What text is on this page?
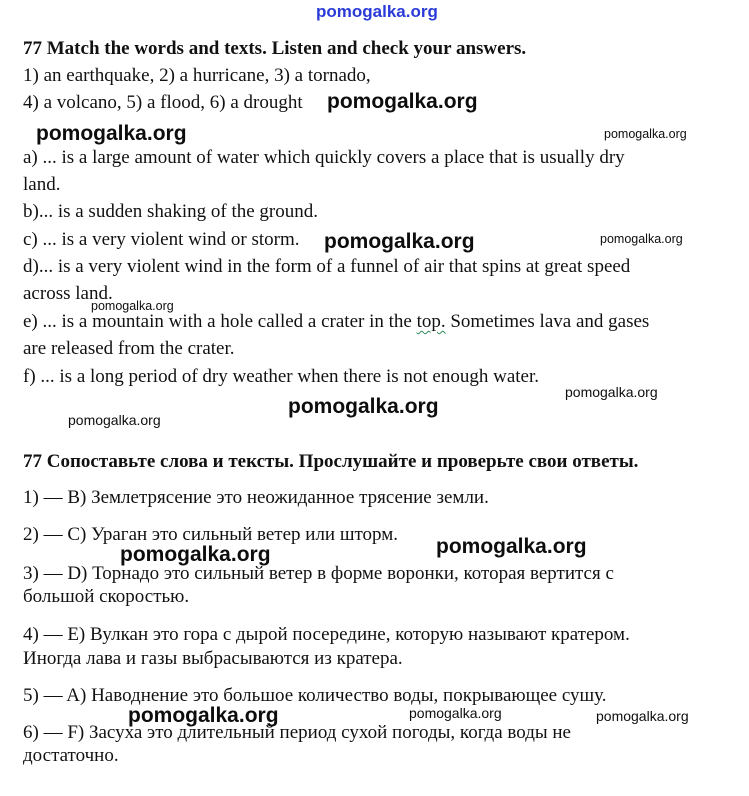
pomogalka.org
77 Match the words and texts. Listen and check your answers.
1) an earthquake, 2) a hurricane, 3) a tornado,
4) a volcano, 5) a flood, 6) a drought
a) ... is a large amount of water which quickly covers a place that is usually dry
land.
b)... is a sudden shaking of the ground.
c) ... is a very violent wind or storm.
d)... is a very violent wind in the form of a funnel of air that spins at great speed
across land.
e) ... is a mountain with a hole called a crater in the top. Sometimes lava and gases
are released from the crater.
f) ... is a long period of dry weather when there is not enough water.
77 Сопоставьте слова и тексты. Прослушайте и проверьте свои ответы.
1) — B) Землетрясение это неожиданное трясение земли.
2) — C) Ураган это сильный ветер или шторм.
3) — D) Торнадо это сильный ветер в форме воронки, которая вертится с
большой скоростью.
4) — E) Вулкан это гора с дырой посередине, которую называют кратером.
Иногда лава и газы выбрасываются из кратера.
5) — A) Наводнение это большое количество воды, покрывающее сушу.
6) — F) Засуха это длительный период сухой погоды, когда воды не
достаточно.
pomogalka.org
pomogalka.org	pomogalka.org
pomogalka.org	pomogalka.org
pomogalka.org
pomogalka.org
pomogalka.org
pomogalka.org
pomogalka.org
pomogalka.org
pomogalka.org
pomogalka.org	pomogalka.org
